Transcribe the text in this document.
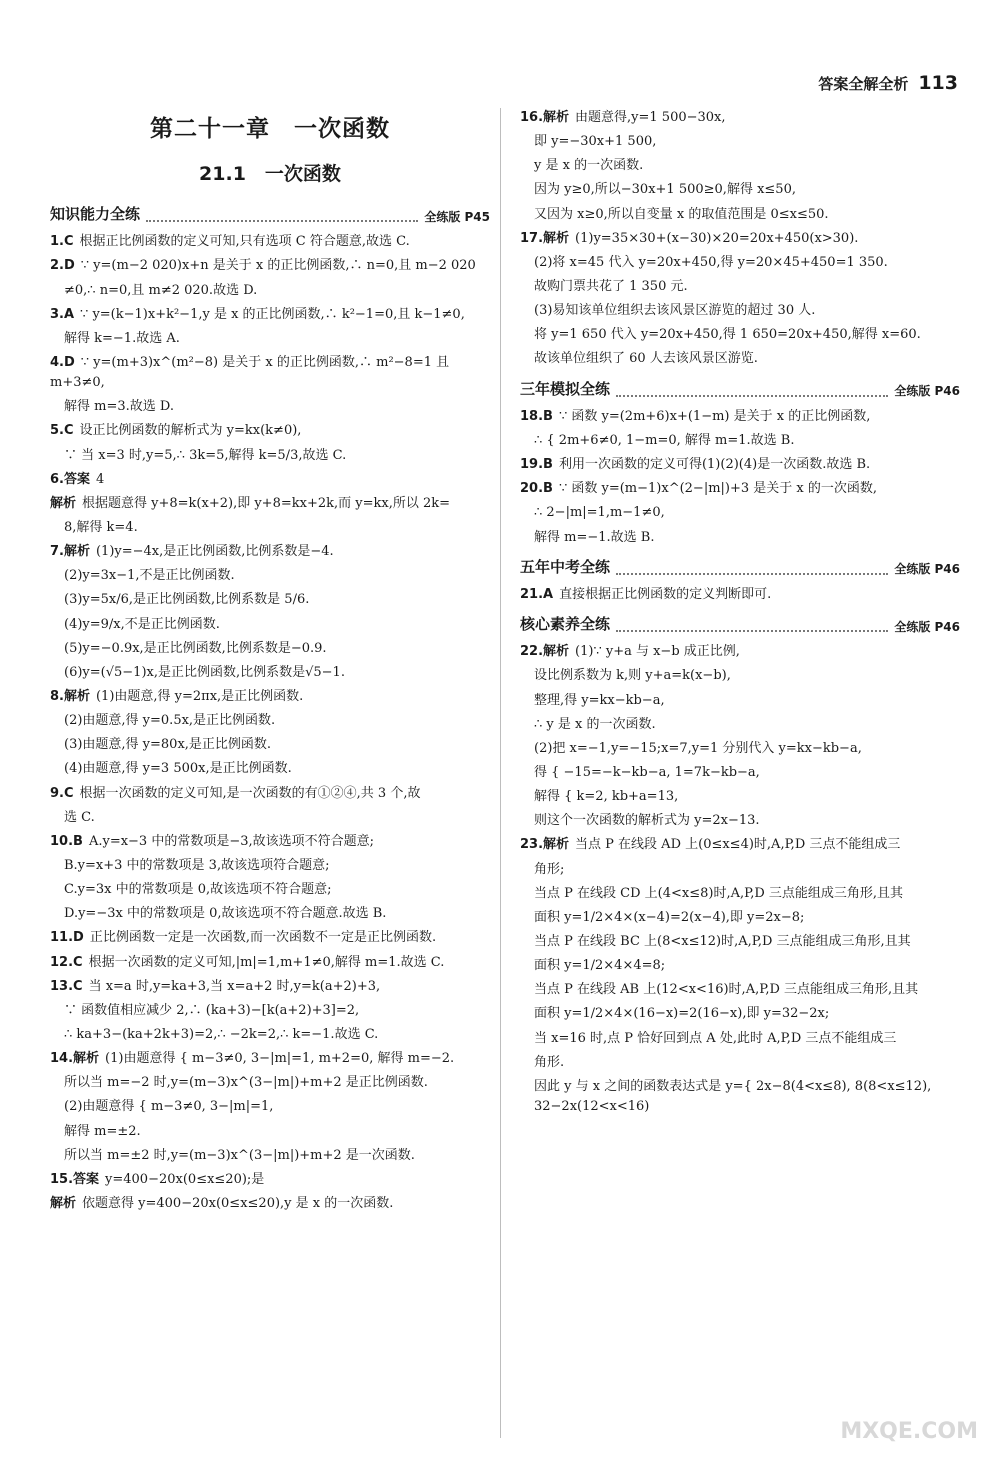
答案全解全析 113
第二十一章　一次函数
21.1　一次函数
知识能力全练	全练版 P45
1.C 根据正比例函数的定义可知,只有选项 C 符合题意,故选 C.
2.D ∵ y=(m−2 020)x+n 是关于 x 的正比例函数,∴ n=0,且 m−2 020
≠0,∴ n=0,且 m≠2 020.故选 D.
3.A ∵ y=(k−1)x+k²−1,y 是 x 的正比例函数,∴ k²−1=0,且 k−1≠0,
解得 k=−1.故选 A.
4.D ∵ y=(m+3)x^(m²−8) 是关于 x 的正比例函数,∴ m²−8=1 且 m+3≠0,
解得 m=3.故选 D.
5.C 设正比例函数的解析式为 y=kx(k≠0),
∵ 当 x=3 时,y=5,∴ 3k=5,解得 k=5/3,故选 C.
6.答案 4
解析 根据题意得 y+8=k(x+2),即 y+8=kx+2k,而 y=kx,所以 2k=
8,解得 k=4.
7.解析 (1)y=−4x,是正比例函数,比例系数是−4.
(2)y=3x−1,不是正比例函数.
(3)y=5x/6,是正比例函数,比例系数是 5/6.
(4)y=9/x,不是正比例函数.
(5)y=−0.9x,是正比例函数,比例系数是−0.9.
(6)y=(√5−1)x,是正比例函数,比例系数是√5−1.
8.解析 (1)由题意,得 y=2πx,是正比例函数.
(2)由题意,得 y=0.5x,是正比例函数.
(3)由题意,得 y=80x,是正比例函数.
(4)由题意,得 y=3 500x,是正比例函数.
9.C 根据一次函数的定义可知,是一次函数的有①②④,共 3 个,故
选 C.
10.B A.y=x−3 中的常数项是−3,故该选项不符合题意;
B.y=x+3 中的常数项是 3,故该选项符合题意;
C.y=3x 中的常数项是 0,故该选项不符合题意;
D.y=−3x 中的常数项是 0,故该选项不符合题意.故选 B.
11.D 正比例函数一定是一次函数,而一次函数不一定是正比例函数.
12.C 根据一次函数的定义可知,|m|=1,m+1≠0,解得 m=1.故选 C.
13.C 当 x=a 时,y=ka+3,当 x=a+2 时,y=k(a+2)+3,
∵ 函数值相应减少 2,∴ (ka+3)−[k(a+2)+3]=2,
∴ ka+3−(ka+2k+3)=2,∴ −2k=2,∴ k=−1.故选 C.
14.解析 (1)由题意得 { m−3≠0, 3−|m|=1, m+2=0, 解得 m=−2.
所以当 m=−2 时,y=(m−3)x^(3−|m|)+m+2 是正比例函数.
(2)由题意得 { m−3≠0, 3−|m|=1,
解得 m=±2.
所以当 m=±2 时,y=(m−3)x^(3−|m|)+m+2 是一次函数.
15.答案 y=400−20x(0≤x≤20);是
解析 依题意得 y=400−20x(0≤x≤20),y 是 x 的一次函数.
16.解析 由题意得,y=1 500−30x,
即 y=−30x+1 500,
y 是 x 的一次函数.
因为 y≥0,所以−30x+1 500≥0,解得 x≤50,
又因为 x≥0,所以自变量 x 的取值范围是 0≤x≤50.
17.解析 (1)y=35×30+(x−30)×20=20x+450(x>30).
(2)将 x=45 代入 y=20x+450,得 y=20×45+450=1 350.
故购门票共花了 1 350 元.
(3)易知该单位组织去该风景区游览的超过 30 人.
将 y=1 650 代入 y=20x+450,得 1 650=20x+450,解得 x=60.
故该单位组织了 60 人去该风景区游览.
三年模拟全练	全练版 P46
18.B ∵ 函数 y=(2m+6)x+(1−m) 是关于 x 的正比例函数,
∴ { 2m+6≠0, 1−m=0, 解得 m=1.故选 B.
19.B 利用一次函数的定义可得(1)(2)(4)是一次函数.故选 B.
20.B ∵ 函数 y=(m−1)x^(2−|m|)+3 是关于 x 的一次函数,
∴ 2−|m|=1,m−1≠0,
解得 m=−1.故选 B.
五年中考全练	全练版 P46
21.A 直接根据正比例函数的定义判断即可.
核心素养全练	全练版 P46
22.解析 (1)∵ y+a 与 x−b 成正比例,
设比例系数为 k,则 y+a=k(x−b),
整理,得 y=kx−kb−a,
∴ y 是 x 的一次函数.
(2)把 x=−1,y=−15;x=7,y=1 分别代入 y=kx−kb−a,
得 { −15=−k−kb−a, 1=7k−kb−a,
解得 { k=2, kb+a=13,
则这个一次函数的解析式为 y=2x−13.
23.解析 当点 P 在线段 AD 上(0≤x≤4)时,A,P,D 三点不能组成三
角形;
当点 P 在线段 CD 上(4<x≤8)时,A,P,D 三点能组成三角形,且其
面积 y=1/2×4×(x−4)=2(x−4),即 y=2x−8;
当点 P 在线段 BC 上(8<x≤12)时,A,P,D 三点能组成三角形,且其
面积 y=1/2×4×4=8;
当点 P 在线段 AB 上(12<x<16)时,A,P,D 三点能组成三角形,且其
面积 y=1/2×4×(16−x)=2(16−x),即 y=32−2x;
当 x=16 时,点 P 恰好回到点 A 处,此时 A,P,D 三点不能组成三
角形.
因此 y 与 x 之间的函数表达式是 y={ 2x−8(4<x≤8), 8(8<x≤12), 32−2x(12<x<16)
MXQE.COM
